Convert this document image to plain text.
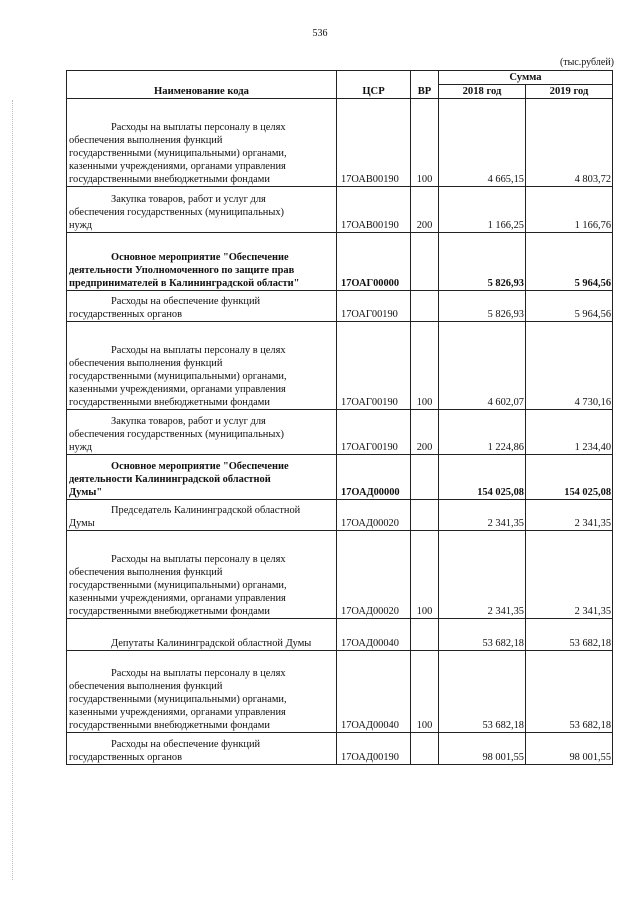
536
(тыс.рублей)
Наименование кода	ЦСР	ВР	Сумма	
			2018 год	2019 год

Расходы на выплаты персоналу в целях
обеспечения выполнения функций
государственными (муниципальными) органами,
казенными учреждениями, органами управления
государственными внебюджетными фондами	17ОАВ00190	100	4 665,15	4 803,72

Закупка товаров, работ и услуг для
обеспечения государственных (муниципальных)
нужд	17ОАВ00190	200	1 166,25	1 166,76

Основное мероприятие "Обеспечение
деятельности Уполномоченного по защите прав
предпринимателей в Калининградской области"	17ОАГ00000		5 826,93	5 964,56

Расходы на обеспечение функций
государственных органов	17ОАГ00190		5 826,93	5 964,56

Расходы на выплаты персоналу в целях
обеспечения выполнения функций
государственными (муниципальными) органами,
казенными учреждениями, органами управления
государственными внебюджетными фондами	17ОАГ00190	100	4 602,07	4 730,16

Закупка товаров, работ и услуг для
обеспечения государственных (муниципальных)
нужд	17ОАГ00190	200	1 224,86	1 234,40

Основное мероприятие "Обеспечение
деятельности Калининградской областной
Думы"	17ОАД00000		154 025,08	154 025,08

Председатель Калининградской областной
Думы	17ОАД00020		2 341,35	2 341,35

Расходы на выплаты персоналу в целях
обеспечения выполнения функций
государственными (муниципальными) органами,
казенными учреждениями, органами управления
государственными внебюджетными фондами	17ОАД00020	100	2 341,35	2 341,35

Депутаты Калининградской областной Думы	17ОАД00040		53 682,18	53 682,18

Расходы на выплаты персоналу в целях
обеспечения выполнения функций
государственными (муниципальными) органами,
казенными учреждениями, органами управления
государственными внебюджетными фондами	17ОАД00040	100	53 682,18	53 682,18

Расходы на обеспечение функций
государственных органов	17ОАД00190		98 001,55	98 001,55
